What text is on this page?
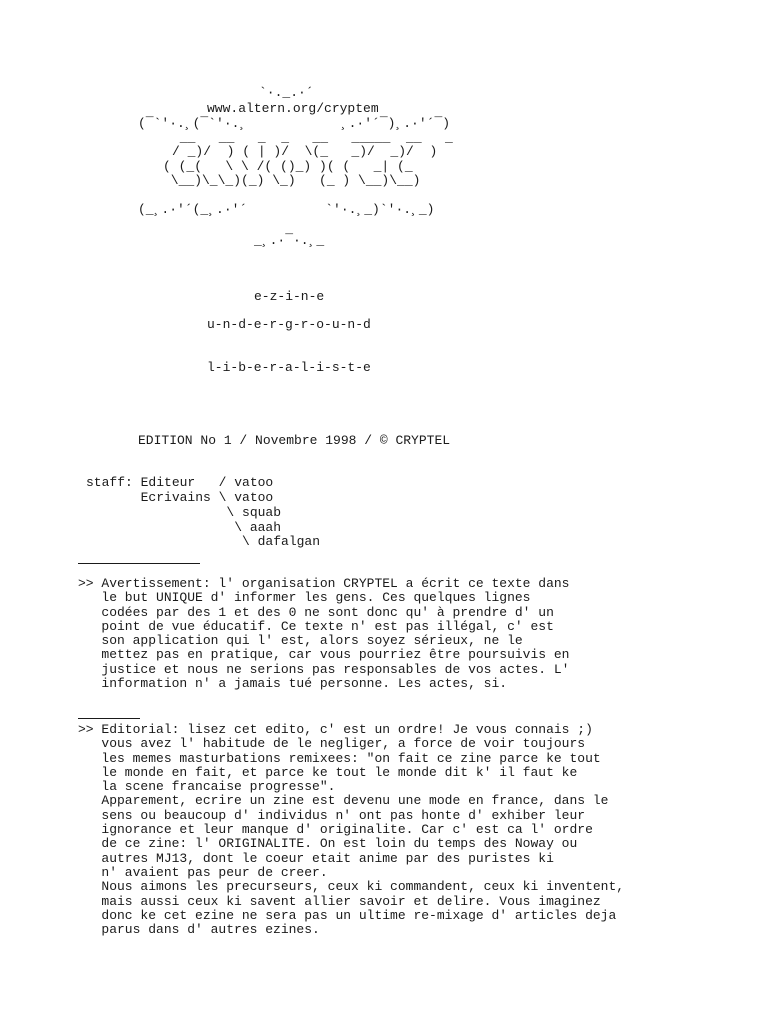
`·._.·´
www.altern.org/cryptem
(¯`'·.¸(¯`'·.¸            ¸.·'´¯)¸.·'´¯)
__   __   _  _   __   _____  __   _
/ _)/  ) ( | )/  \(_   _)/  _)/  )
( (_(   \ \ /( ()_) )( (   _| (_
\__)\_\_)(_) \_)   (_ ) \__)\__)
(_¸.·'´(_¸.·'´          `'·.¸_)`'·.¸_)
_¸.·¯·.¸_
e-z-i-n-e
u-n-d-e-r-g-r-o-u-n-d
l-i-b-e-r-a-l-i-s-t-e
EDITION No 1 / Novembre 1998 / © CRYPTEL
staff: Editeur   / vatoo
Ecrivains \ vatoo
\ squab
\ aaah
\ dafalgan
>> Avertissement: l' organisation CRYPTEL a écrit ce texte dans
le but UNIQUE d' informer les gens. Ces quelques lignes
codées par des 1 et des 0 ne sont donc qu' à prendre d' un
point de vue éducatif. Ce texte n' est pas illégal, c' est
son application qui l' est, alors soyez sérieux, ne le
mettez pas en pratique, car vous pourriez être poursuivis en
justice et nous ne serions pas responsables de vos actes. L'
information n' a jamais tué personne. Les actes, si.
>> Editorial: lisez cet edito, c' est un ordre! Je vous connais ;)
vous avez l' habitude de le negliger, a force de voir toujours
les memes masturbations remixees: "on fait ce zine parce ke tout
le monde en fait, et parce ke tout le monde dit k' il faut ke
la scene francaise progresse".
Apparement, ecrire un zine est devenu une mode en france, dans le
sens ou beaucoup d' individus n' ont pas honte d' exhiber leur
ignorance et leur manque d' originalite. Car c' est ca l' ordre
de ce zine: l' ORIGINALITE. On est loin du temps des Noway ou
autres MJ13, dont le coeur etait anime par des puristes ki
n' avaient pas peur de creer.
Nous aimons les precurseurs, ceux ki commandent, ceux ki inventent,
mais aussi ceux ki savent allier savoir et delire. Vous imaginez
donc ke cet ezine ne sera pas un ultime re-mixage d' articles deja
parus dans d' autres ezines.
